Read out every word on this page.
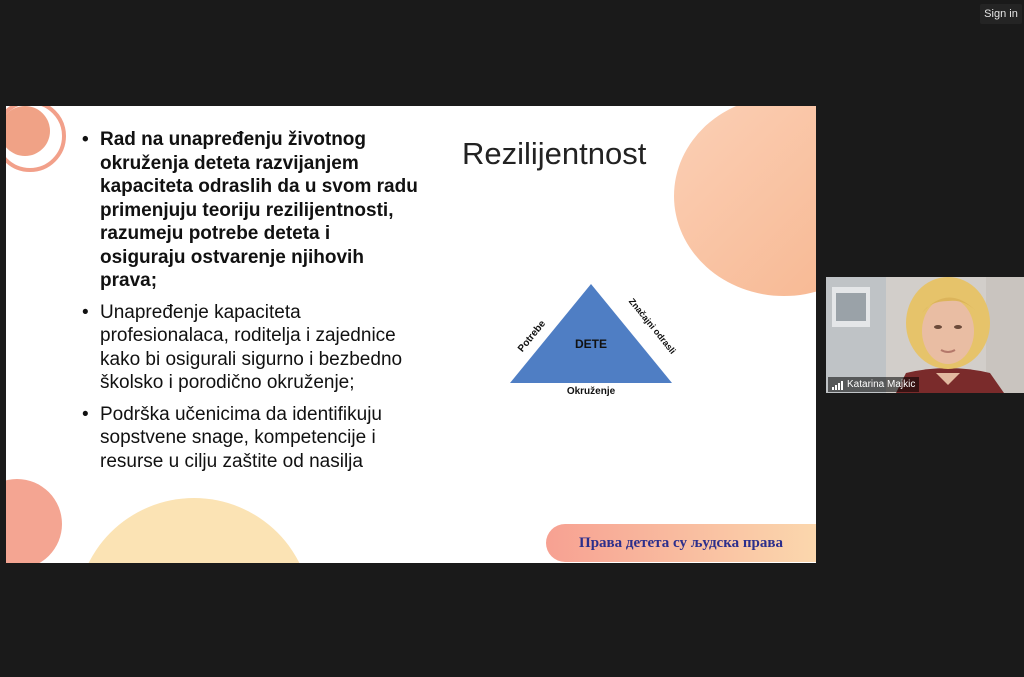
Sign in
• Rad na unapređenju životnog okruženja deteta razvijanjem kapaciteta odraslih da u svom radu primenjuju teoriju rezilijentnosti, razumeju potrebe deteta i osiguraju ostvarenje njihovih prava;
• Unapređenje kapaciteta profesionalaca, roditelja i zajednice kako bi osigurali sigurno i bezbedno školsko i porodično okruženje;
• Podrška učenicima da identifikuju sopstvene snage, kompetencije i resurse u cilju zaštite od nasilja
Rezilijentnost
DETE
Potrebe	Značajni odrasli
Okruženje
Права детета су људска права
Katarina Majkic
